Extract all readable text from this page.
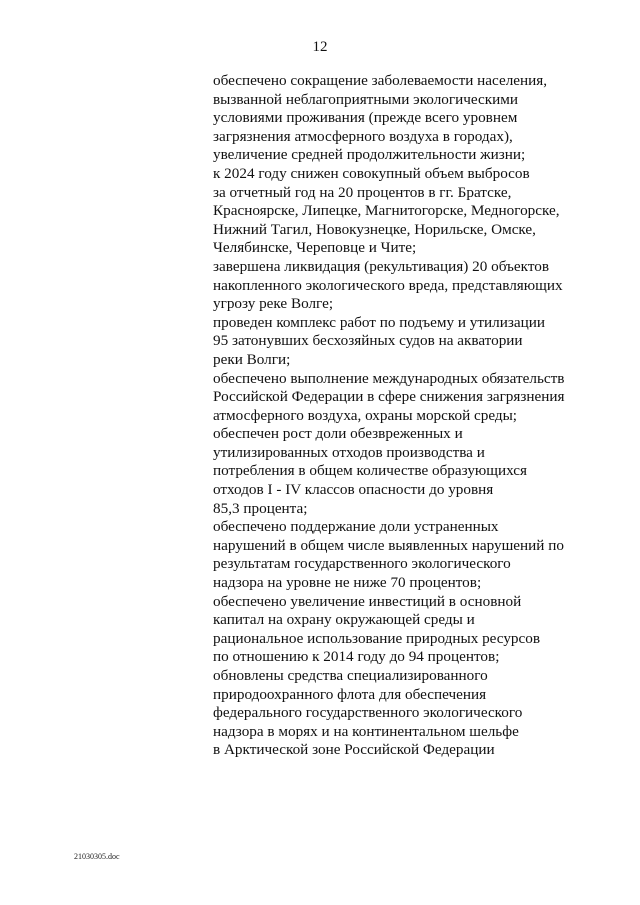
12
обеспечено сокращение заболеваемости населения,
вызванной неблагоприятными экологическими
условиями проживания (прежде всего уровнем
загрязнения атмосферного воздуха в городах),
увеличение средней продолжительности жизни;
к 2024 году снижен совокупный объем выбросов
за отчетный год на 20 процентов в гг. Братске,
Красноярске, Липецке, Магнитогорске, Медногорске,
Нижний Тагил, Новокузнецке, Норильске, Омске,
Челябинске, Череповце и Чите;
завершена ликвидация (рекультивация) 20 объектов
накопленного экологического вреда, представляющих
угрозу реке Волге;
проведен комплекс работ по подъему и утилизации
95 затонувших бесхозяйных судов на акватории
реки Волги;
обеспечено выполнение международных обязательств
Российской Федерации в сфере снижения загрязнения
атмосферного воздуха, охраны морской среды;
обеспечен рост доли обезвреженных и
утилизированных отходов производства и
потребления в общем количестве образующихся
отходов I - IV классов опасности до уровня
85,3 процента;
обеспечено поддержание доли устраненных
нарушений в общем числе выявленных нарушений по
результатам государственного экологического
надзора на уровне не ниже 70 процентов;
обеспечено увеличение инвестиций в основной
капитал на охрану окружающей среды и
рациональное использование природных ресурсов
по отношению к 2014 году до 94 процентов;
обновлены средства специализированного
природоохранного флота для обеспечения
федерального государственного экологического
надзора в морях и на континентальном шельфе
в Арктической зоне Российской Федерации
21030305.doc
